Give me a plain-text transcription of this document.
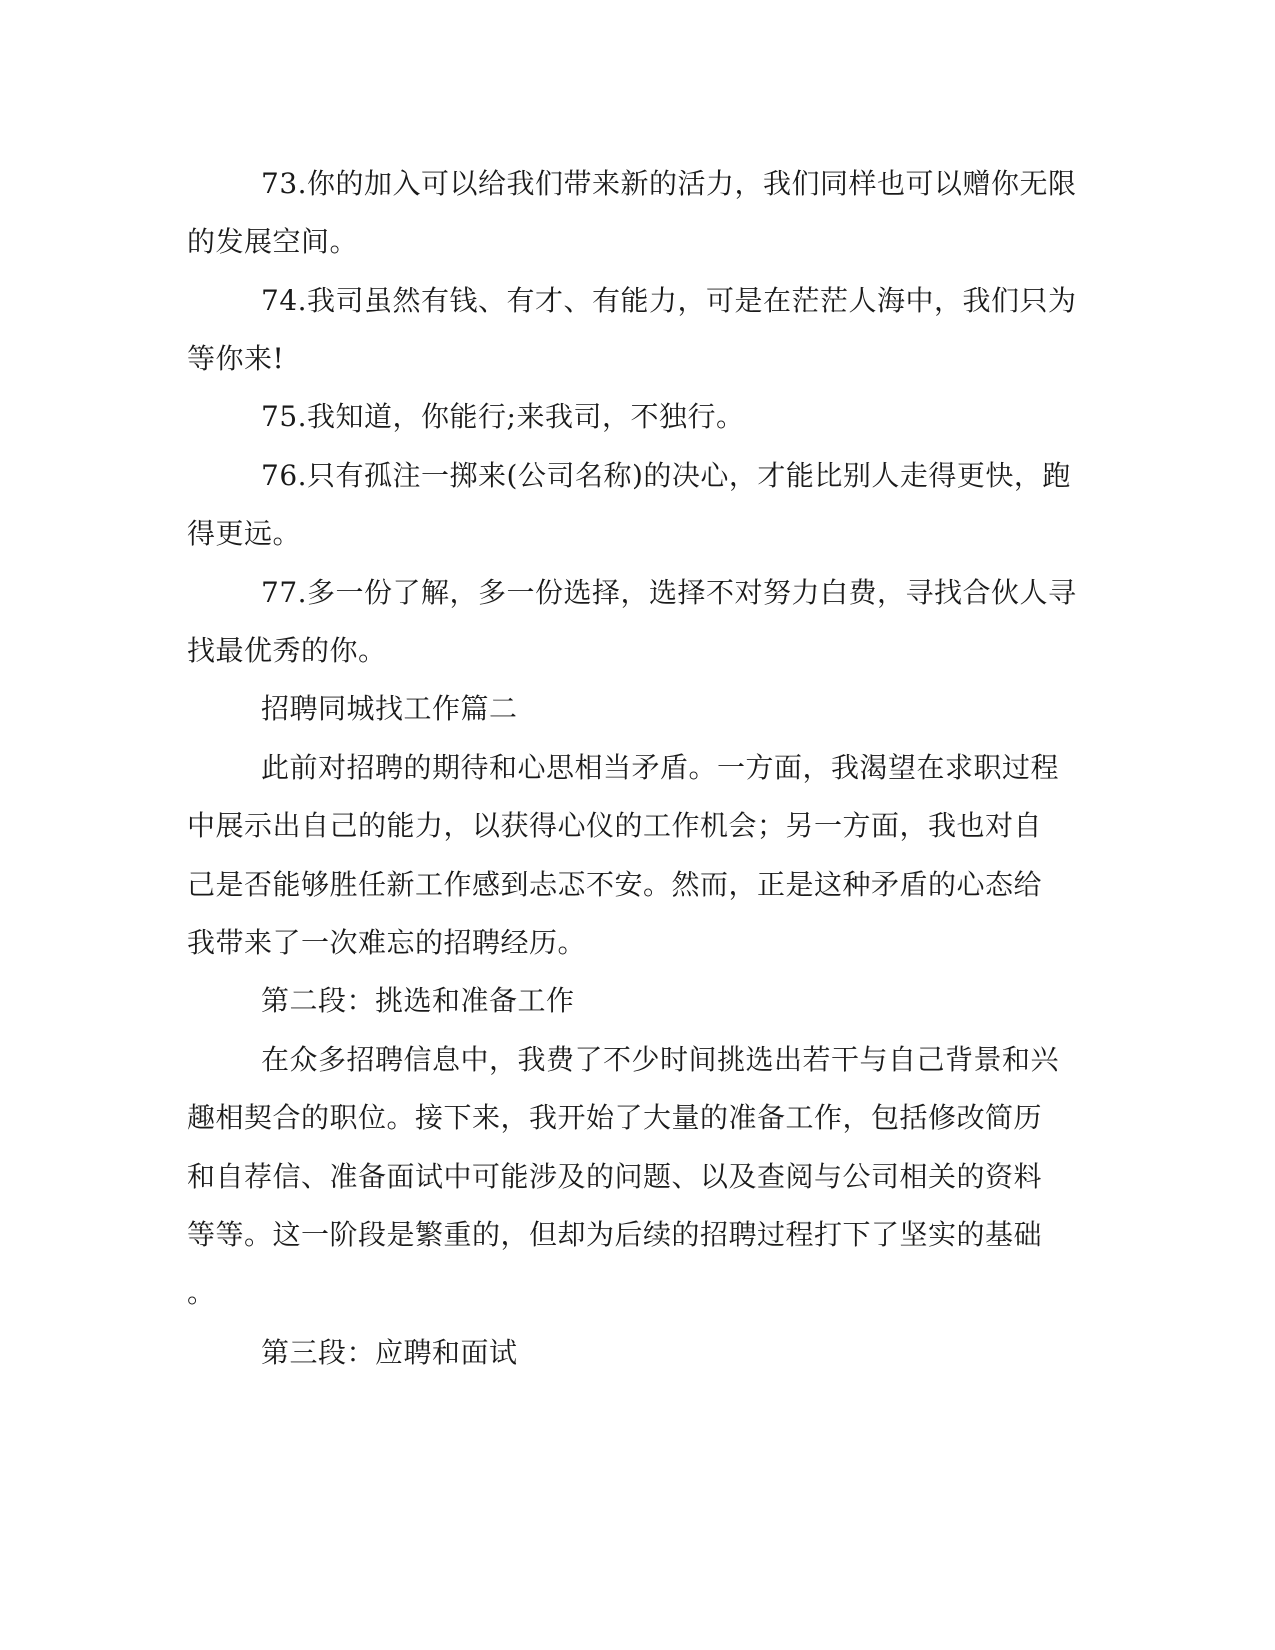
73.你的加入可以给我们带来新的活力，我们同样也可以赠你无限
的发展空间。
74.我司虽然有钱、有才、有能力，可是在茫茫人海中，我们只为
等你来!
75.我知道，你能行;来我司，不独行。
76.只有孤注一掷来(公司名称)的决心，才能比别人走得更快，跑
得更远。
77.多一份了解，多一份选择，选择不对努力白费，寻找合伙人寻
找最优秀的你。
招聘同城找工作篇二
此前对招聘的期待和心思相当矛盾。一方面，我渴望在求职过程
中展示出自己的能力，以获得心仪的工作机会；另一方面，我也对自
己是否能够胜任新工作感到忐忑不安。然而，正是这种矛盾的心态给
我带来了一次难忘的招聘经历。
第二段：挑选和准备工作
在众多招聘信息中，我费了不少时间挑选出若干与自己背景和兴
趣相契合的职位。接下来，我开始了大量的准备工作，包括修改简历
和自荐信、准备面试中可能涉及的问题、以及查阅与公司相关的资料
等等。这一阶段是繁重的，但却为后续的招聘过程打下了坚实的基础
。
第三段：应聘和面试
